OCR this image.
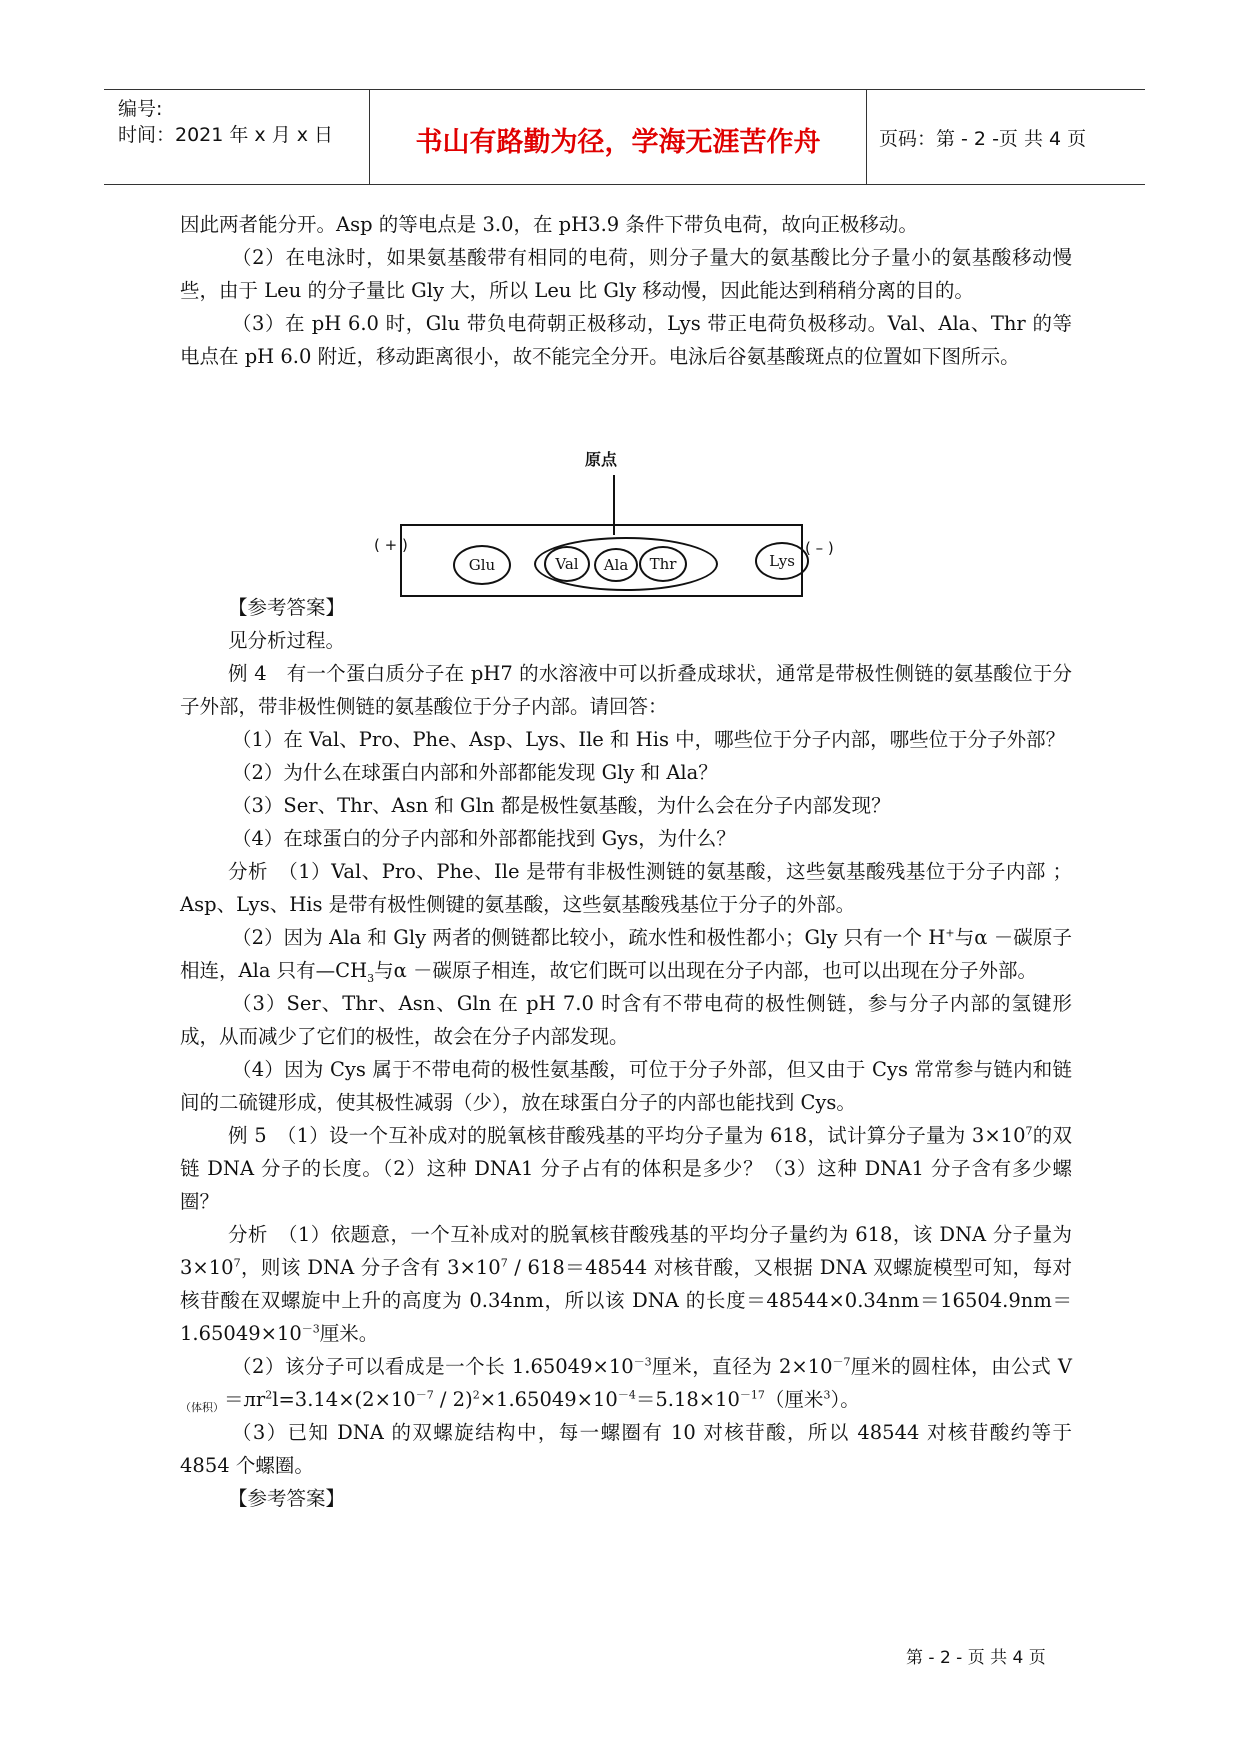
编号:
时间：2021 年 x 月 x 日	书山有路勤为径，学海无涯苦作舟	页码：第 - 2 -页 共 4 页

因此两者能分开。Asp 的等电点是 3.0，在 pH3.9 条件下带负电荷，故向正极移动。

（2）在电泳时，如果氨基酸带有相同的电荷，则分子量大的氨基酸比分子量小的氨基酸移动慢些，由于 Leu 的分子量比 Gly 大，所以 Leu 比 Gly 移动慢，因此能达到稍稍分离的目的。

（3）在 pH 6.0 时，Glu 带负电荷朝正极移动，Lys 带正电荷负极移动。Val、Ala、Thr 的等电点在 pH 6.0 附近，移动距离很小，故不能完全分开。电泳后谷氨基酸斑点的位置如下图所示。

【参考答案】

见分析过程。

例 4　有一个蛋白质分子在 pH7 的水溶液中可以折叠成球状，通常是带极性侧链的氨基酸位于分子外部，带非极性侧链的氨基酸位于分子内部。请回答：

（1）在 Val、Pro、Phe、Asp、Lys、Ile 和 His 中，哪些位于分子内部，哪些位于分子外部？

（2）为什么在球蛋白内部和外部都能发现 Gly 和 Ala？

（3）Ser、Thr、Asn 和 Gln 都是极性氨基酸，为什么会在分子内部发现？

（4）在球蛋白的分子内部和外部都能找到 Gys，为什么？

分析　（1）Val、Pro、Phe、Ile 是带有非极性测链的氨基酸，这些氨基酸残基位于分子内部 ；Asp、Lys、His 是带有极性侧键的氨基酸，这些氨基酸残基位于分子的外部。

（2）因为 Ala 和 Gly 两者的侧链都比较小，疏水性和极性都小；Gly 只有一个 H+与α －碳原子相连，Ala 只有$—CH_3$与α －碳原子相连，故它们既可以出现在分子内部，也可以出现在分子外部。

（3）Ser、Thr、Asn、Gln 在 pH 7.0 时含有不带电荷的极性侧链，参与分子内部的氢键形成，从而减少了它们的极性，故会在分子内部发现。

（4）因为 Cys 属于不带电荷的极性氨基酸，可位于分子外部，但又由于 Cys 常常参与链内和链间的二硫键形成，使其极性减弱（少），放在球蛋白分子的内部也能找到 Cys。

例 5　（1）设一个互补成对的脱氧核苷酸残基的平均分子量为 618，试计算分子量为 $3\times 10^7$的双链 DNA 分子的长度。（2）这种 DNA1 分子占有的体积是多少？（3）这种 DNA1 分子含有多少螺圈？

分析　（1）依题意，一个互补成对的脱氧核苷酸残基的平均分子量约为 618，该 DNA 分子量为 $3\times 10^7$，则该 DNA 分子含有 $3\times 10^7 / 618=48544$ 对核苷酸，又根据 DNA 双螺旋模型可知，每对核苷酸在双螺旋中上升的高度为 0.34nm，所以该 DNA 的长度$=48544\times 0.34nm=16504.9nm=1.65049\times 10^{-3}$厘米。

（2）该分子可以看成是一个长 $1.65049\times 10^{-3}$厘米，直径为 $2\times 10^{-7}$厘米的圆柱体，由公式 $V_{(体积)}=лr^2l=3.14\times(2\times 10^{-7} / 2)^2\times 1.65049\times 10^{-4}=5.18\times 10^{-17}$（厘米$^3$）。

（3）已知 DNA 的双螺旋结构中，每一螺圈有 10 对核苷酸，所以 48544 对核苷酸约等于 4854 个螺圈。

【参考答案】

原点
( + )	( – )
Glu	Val	Ala	Thr	Lys
第 - 2 - 页 共 4 页
